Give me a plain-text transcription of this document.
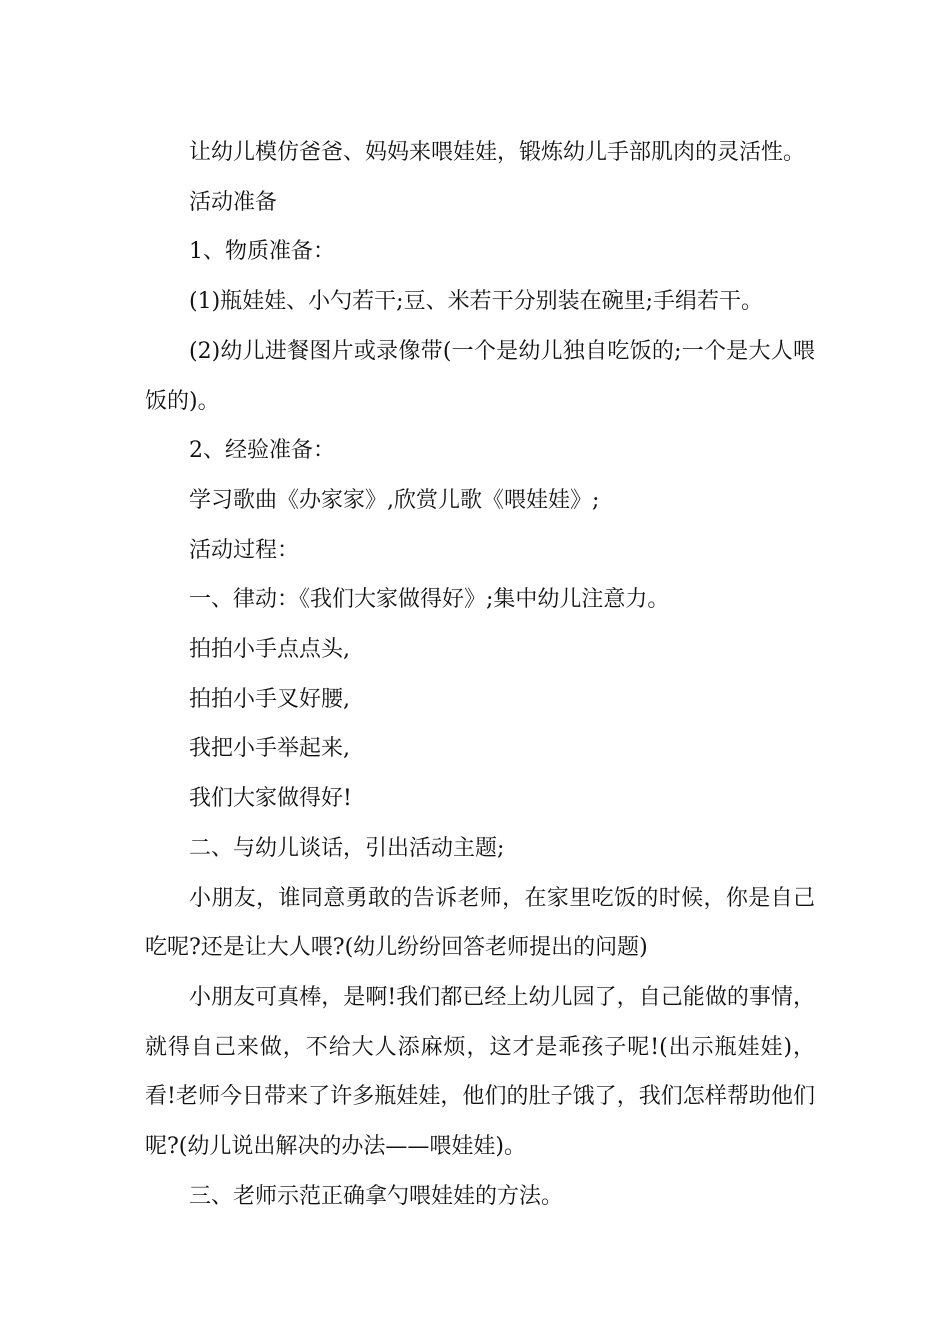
让幼儿模仿爸爸、妈妈来喂娃娃，锻炼幼儿手部肌肉的灵活性。

活动准备

1、物质准备：

(1)瓶娃娃、小勺若干;豆、米若干分别装在碗里;手绢若干。

(2)幼儿进餐图片或录像带(一个是幼儿独自吃饭的;一个是大人喂饭的)。

2、经验准备：

学习歌曲《办家家》,欣赏儿歌《喂娃娃》;

活动过程：

一、律动：《我们大家做得好》;集中幼儿注意力。

拍拍小手点点头,

拍拍小手叉好腰,

我把小手举起来,

我们大家做得好!

二、与幼儿谈话，引出活动主题;

小朋友，谁同意勇敢的告诉老师，在家里吃饭的时候，你是自己吃呢?还是让大人喂?(幼儿纷纷回答老师提出的问题)

小朋友可真棒，是啊!我们都已经上幼儿园了，自己能做的事情，就得自己来做，不给大人添麻烦，这才是乖孩子呢!(出示瓶娃娃)，看!老师今日带来了许多瓶娃娃，他们的肚子饿了，我们怎样帮助他们呢?(幼儿说出解决的办法——喂娃娃)。

三、老师示范正确拿勺喂娃娃的方法。
